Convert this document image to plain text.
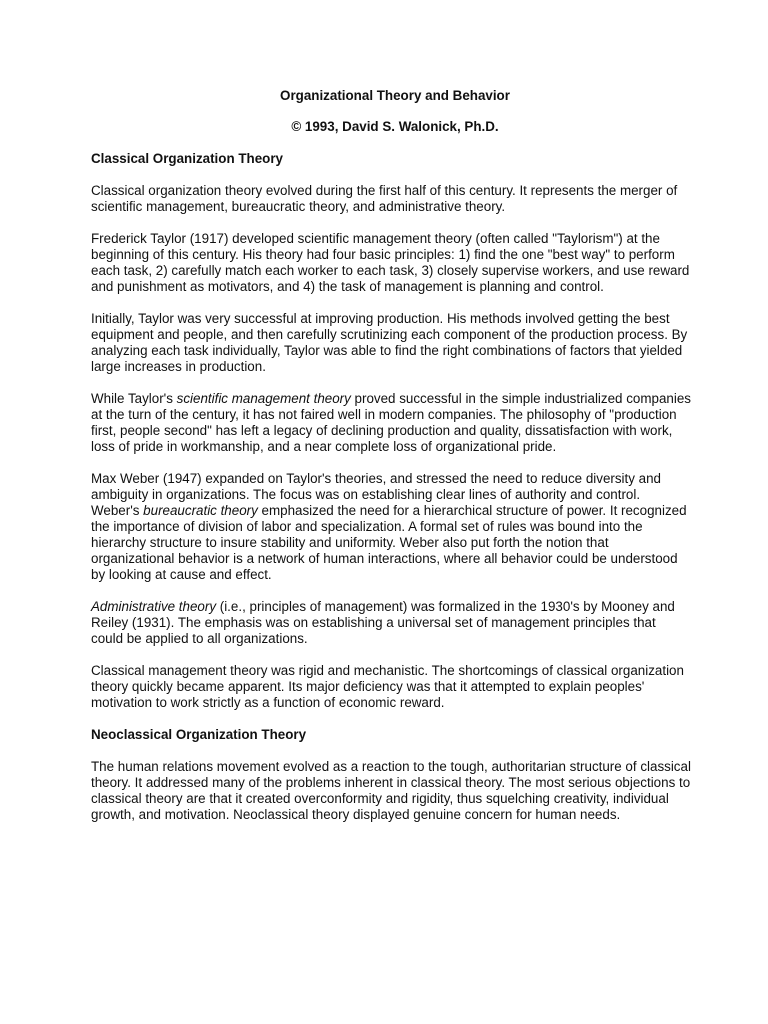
Organizational Theory and Behavior
© 1993, David S. Walonick, Ph.D.
Classical Organization Theory

Classical organization theory evolved during the first half of this century. It represents the merger of scientific management, bureaucratic theory, and administrative theory.

Frederick Taylor (1917) developed scientific management theory (often called "Taylorism") at the beginning of this century. His theory had four basic principles: 1) find the one "best way" to perform each task, 2) carefully match each worker to each task, 3) closely supervise workers, and use reward and punishment as motivators, and 4) the task of management is planning and control.

Initially, Taylor was very successful at improving production. His methods involved getting the best equipment and people, and then carefully scrutinizing each component of the production process. By analyzing each task individually, Taylor was able to find the right combinations of factors that yielded large increases in production.

While Taylor's scientific management theory proved successful in the simple industrialized companies at the turn of the century, it has not faired well in modern companies. The philosophy of "production first, people second" has left a legacy of declining production and quality, dissatisfaction with work, loss of pride in workmanship, and a near complete loss of organizational pride.

Max Weber (1947) expanded on Taylor's theories, and stressed the need to reduce diversity and ambiguity in organizations. The focus was on establishing clear lines of authority and control. Weber's bureaucratic theory emphasized the need for a hierarchical structure of power. It recognized the importance of division of labor and specialization. A formal set of rules was bound into the hierarchy structure to insure stability and uniformity. Weber also put forth the notion that organizational behavior is a network of human interactions, where all behavior could be understood by looking at cause and effect.

Administrative theory (i.e., principles of management) was formalized in the 1930's by Mooney and Reiley (1931). The emphasis was on establishing a universal set of management principles that could be applied to all organizations.

Classical management theory was rigid and mechanistic. The shortcomings of classical organization theory quickly became apparent. Its major deficiency was that it attempted to explain peoples' motivation to work strictly as a function of economic reward.

Neoclassical Organization Theory

The human relations movement evolved as a reaction to the tough, authoritarian structure of classical theory. It addressed many of the problems inherent in classical theory. The most serious objections to classical theory are that it created overconformity and rigidity, thus squelching creativity, individual growth, and motivation. Neoclassical theory displayed genuine concern for human needs.
